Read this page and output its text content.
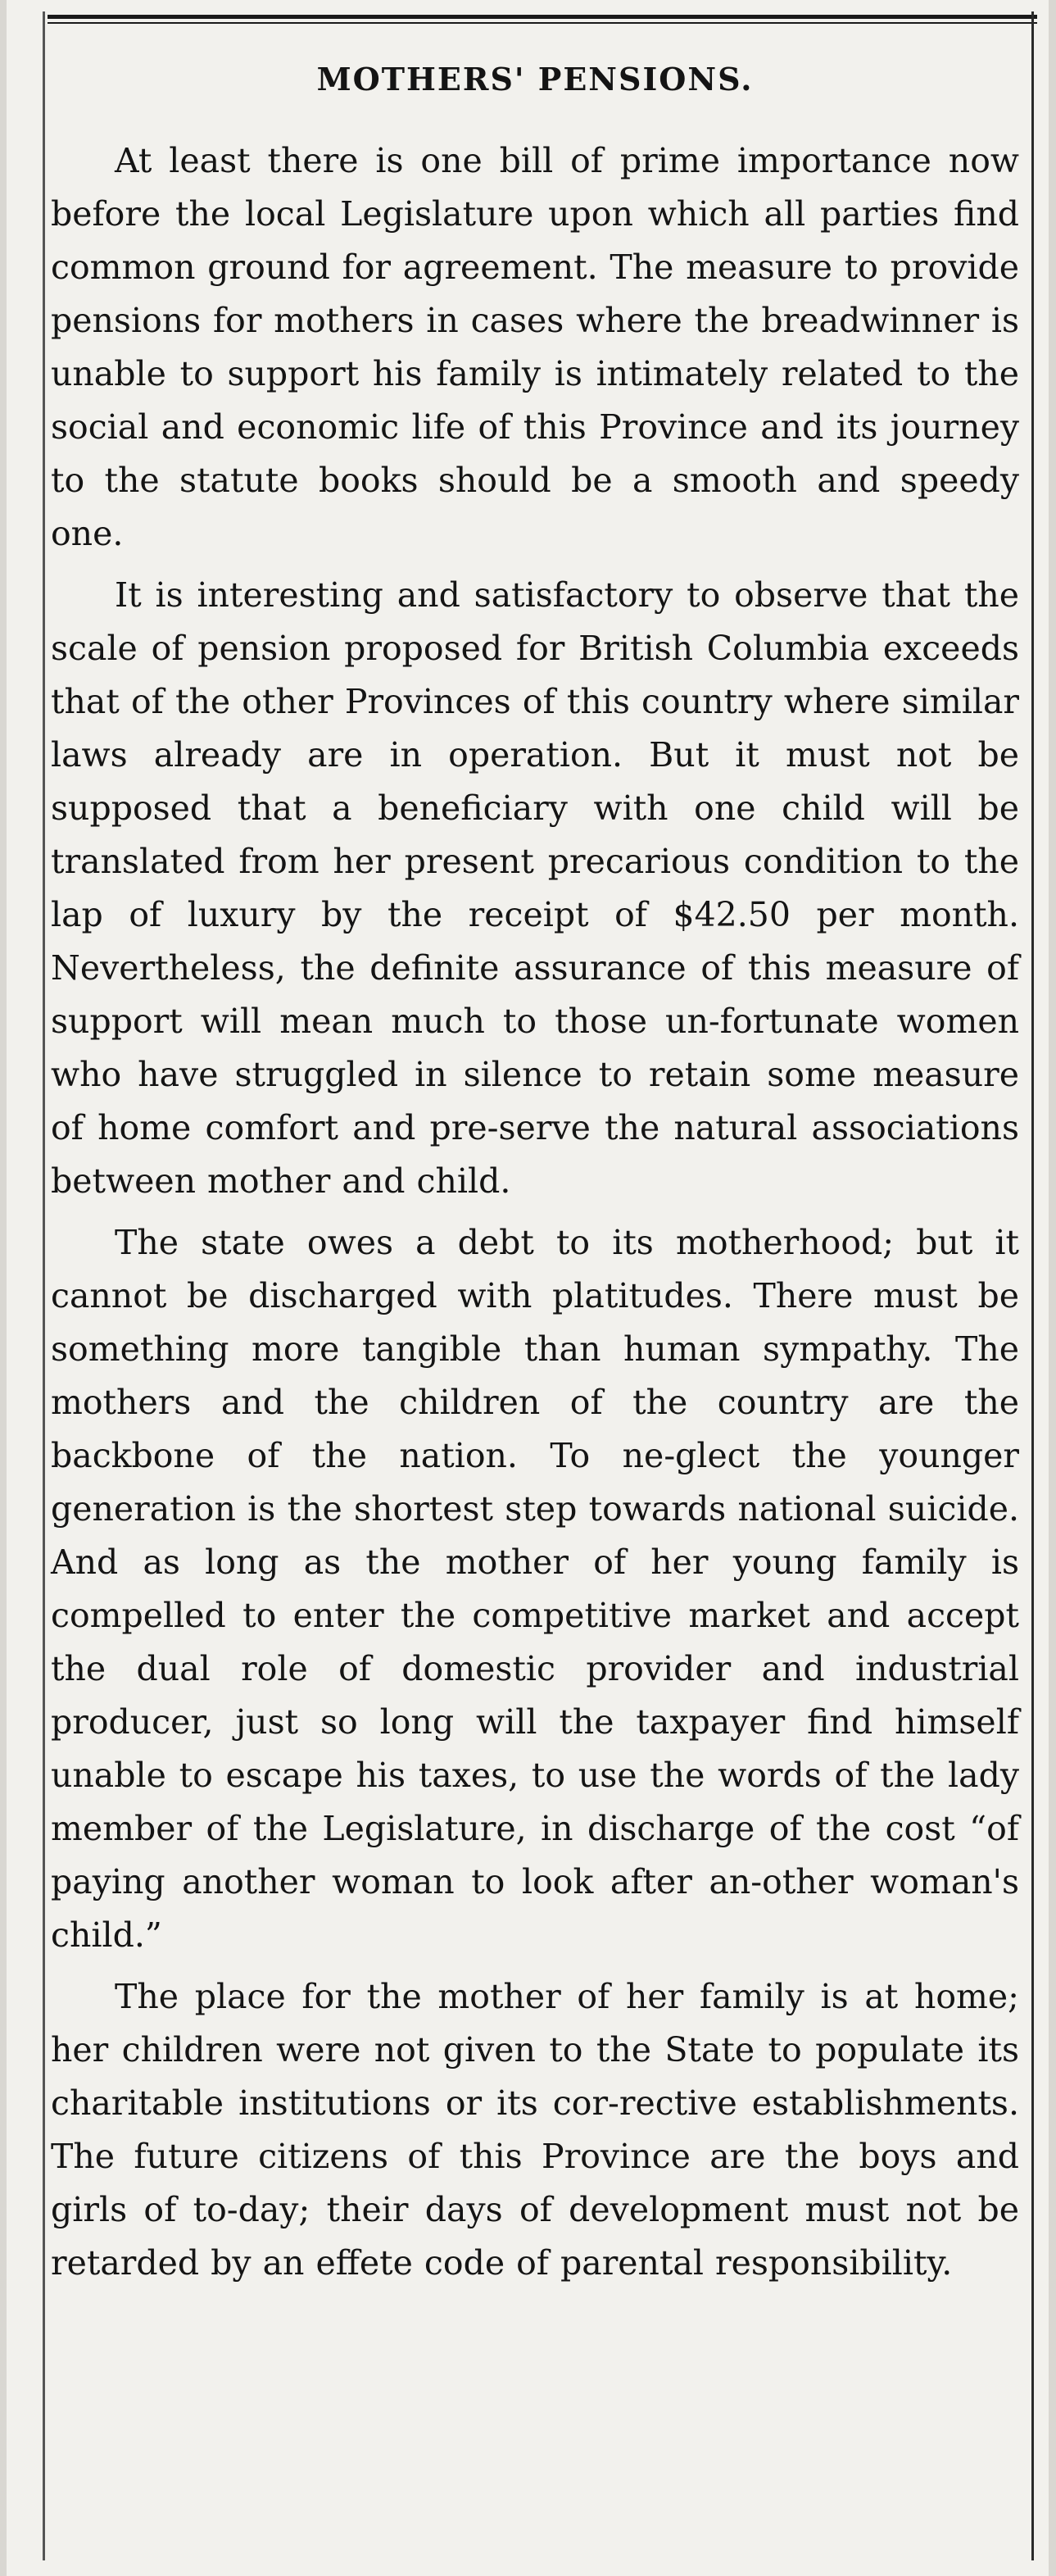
MOTHERS' PENSIONS.

At least there is one bill of prime importance now before the local Legislature upon which all parties find common ground for agreement. The measure to provide pensions for mothers in cases where the breadwinner is unable to support his family is intimately related to the social and economic life of this Province and its journey to the statute books should be a smooth and speedy one.

It is interesting and satisfactory to observe that the scale of pension proposed for British Columbia exceeds that of the other Provinces of this country where similar laws already are in operation. But it must not be supposed that a beneficiary with one child will be translated from her present precarious condition to the lap of luxury by the receipt of $42.50 per month. Nevertheless, the definite assurance of this measure of support will mean much to those un-fortunate women who have struggled in silence to retain some measure of home comfort and pre-serve the natural associations between mother and child.

The state owes a debt to its motherhood; but it cannot be discharged with platitudes. There must be something more tangible than human sympathy. The mothers and the children of the country are the backbone of the nation. To ne-glect the younger generation is the shortest step towards national suicide. And as long as the mother of her young family is compelled to enter the competitive market and accept the dual role of domestic provider and industrial producer, just so long will the taxpayer find himself unable to escape his taxes, to use the words of the lady member of the Legislature, in discharge of the cost “of paying another woman to look after an-other woman's child.”

The place for the mother of her family is at home; her children were not given to the State to populate its charitable institutions or its cor-rective establishments. The future citizens of this Province are the boys and girls of to-day; their days of development must not be retarded by an effete code of parental responsibility.
